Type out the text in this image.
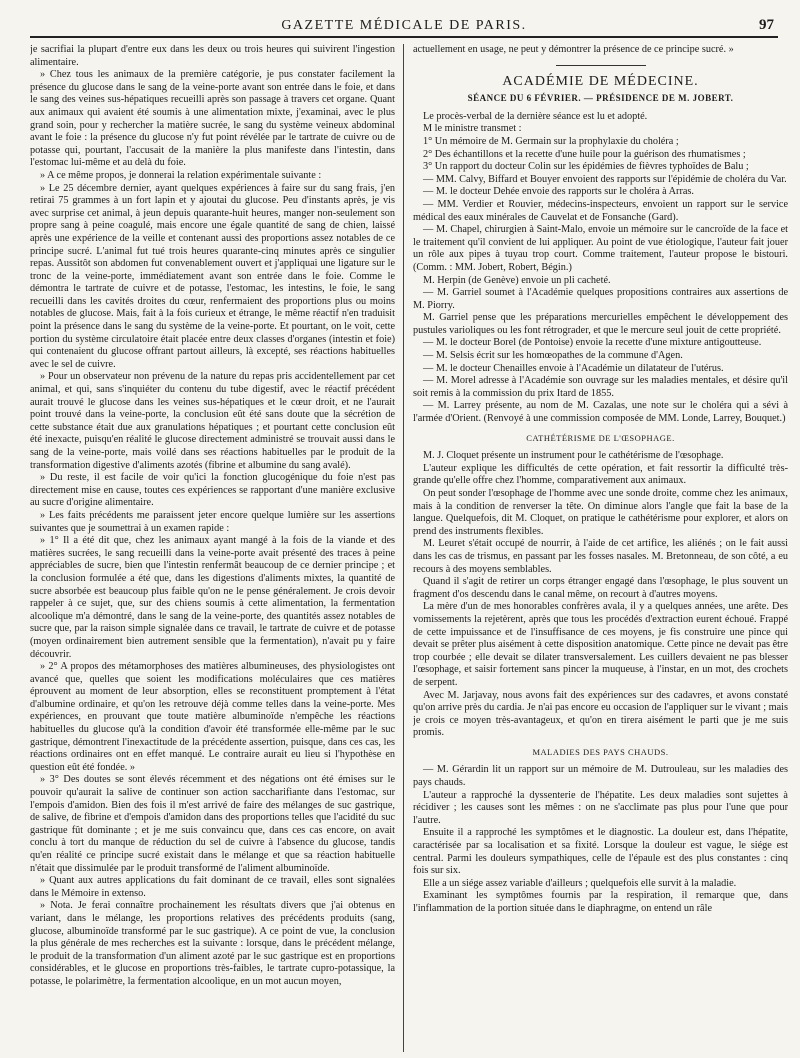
GAZETTE MÉDICALE DE PARIS.	97

je sacrifiai la plupart d'entre eux dans les deux ou trois heures qui suivirent l'ingestion alimentaire.

» Chez tous les animaux de la première catégorie, je pus constater facilement la présence du glucose dans le sang de la veine-porte avant son entrée dans le foie, et dans le sang des veines sus-hépatiques recueilli après son passage à travers cet organe. Quant aux animaux qui avaient été soumis à une alimentation mixte, j'examinai, avec le plus grand soin, pour y rechercher la matière sucrée, le sang du système veineux abdominal avant le foie : la présence du glucose n'y fut point révélée par le tartrate de cuivre ou de potasse qui, pourtant, l'accusait de la manière la plus manifeste dans l'intestin, dans l'estomac lui-même et au delà du foie.

» A ce même propos, je donnerai la relation expérimentale suivante :

» Le 25 décembre dernier, ayant quelques expériences à faire sur du sang frais, j'en retirai 75 grammes à un fort lapin et y ajoutai du glucose. Peu d'instants après, je vis avec surprise cet animal, à jeun depuis quarante-huit heures, manger non-seulement son propre sang à peine coagulé, mais encore une égale quantité de sang de chien, laissé après une expérience de la veille et contenant aussi des proportions assez notables de ce principe sucré. L'animal fut tué trois heures quarante-cinq minutes après ce singulier repas. Aussitôt son abdomen fut convenablement ouvert et j'appliquai une ligature sur le tronc de la veine-porte, immédiatement avant son entrée dans le foie. Comme le démontra le tartrate de cuivre et de potasse, l'estomac, les intestins, le foie, le sang recueilli dans les cavités droites du cœur, renfermaient des proportions plus ou moins notables de glucose. Mais, fait à la fois curieux et étrange, le même réactif n'en traduisit point la présence dans le sang du système de la veine-porte. Et pourtant, on le voit, cette portion du système circulatoire était placée entre deux classes d'organes (intestin et foie) qui contenaient du glucose offrant partout ailleurs, là excepté, ses réactions habituelles avec le sel de cuivre.

» Pour un observateur non prévenu de la nature du repas pris accidentellement par cet animal, et qui, sans s'inquiéter du contenu du tube digestif, avec le réactif précédent aurait trouvé le glucose dans les veines sus-hépatiques et le cœur droit, et ne l'aurait point trouvé dans la veine-porte, la conclusion eût été sans doute que la sécrétion de cette substance était due aux granulations hépatiques ; et pourtant cette conclusion eût été inexacte, puisqu'en réalité le glucose directement administré se trouvait aussi dans le sang de la veine-porte, mais voilé dans ses réactions habituelles par le produit de la transformation digestive d'aliments azotés (fibrine et albumine du sang avalé).

» Du reste, il est facile de voir qu'ici la fonction glucogénique du foie n'est pas directement mise en cause, toutes ces expériences se rapportant d'une manière exclusive au sucre d'origine alimentaire.

» Les faits précédents me paraissent jeter encore quelque lumière sur les assertions suivantes que je soumettrai à un examen rapide :

» 1° Il a été dit que, chez les animaux ayant mangé à la fois de la viande et des matières sucrées, le sang recueilli dans la veine-porte avait présenté des traces à peine appréciables de sucre, bien que l'intestin renfermât beaucoup de ce dernier principe ; et la conclusion formulée a été que, dans les digestions d'aliments mixtes, la quantité de sucre absorbée est beaucoup plus faible qu'on ne le pense généralement. Je crois devoir rappeler à ce sujet, que, sur des chiens soumis à cette alimentation, la fermentation alcoolique m'a démontré, dans le sang de la veine-porte, des quantités assez notables de sucre que, par la raison simple signalée dans ce travail, le tartrate de cuivre et de potasse (moyen ordinairement bien autrement sensible que la fermentation), n'avait pu y faire découvrir.

» 2° A propos des métamorphoses des matières albumineuses, des physiologistes ont avancé que, quelles que soient les modifications moléculaires que ces matières éprouvent au moment de leur absorption, elles se reconstituent promptement à l'état d'albumine ordinaire, et qu'on les retrouve déjà comme telles dans la veine-porte. Mes expériences, en prouvant que toute matière albuminoïde n'empêche les réactions habituelles du glucose qu'à la condition d'avoir été transformée elle-même par le suc gastrique, démontrent l'inexactitude de la précédente assertion, puisque, dans ces cas, les réactions ordinaires ont en effet manqué. Le contraire aurait eu lieu si l'hypothèse en question eût été fondée. »

» 3° Des doutes se sont élevés récemment et des négations ont été émises sur le pouvoir qu'aurait la salive de continuer son action saccharifiante dans l'estomac, sur l'empois d'amidon. Bien des fois il m'est arrivé de faire des mélanges de suc gastrique, de salive, de fibrine et d'empois d'amidon dans des proportions telles que l'acidité du suc gastrique fût dominante ; et je me suis convaincu que, dans ces cas encore, on avait conclu à tort du manque de réduction du sel de cuivre à l'absence du glucose, tandis qu'en réalité ce principe sucré existait dans le mélange et que sa réaction habituelle n'était que dissimulée par le produit transformé de l'aliment albuminoïde.

» Quant aux autres applications du fait dominant de ce travail, elles sont signalées dans le Mémoire in extenso.

» Nota. Je ferai connaître prochainement les résultats divers que j'ai obtenus en variant, dans le mélange, les proportions relatives des précédents produits (sang, glucose, albuminoïde transformé par le suc gastrique). A ce point de vue, la conclusion la plus générale de mes recherches est la suivante : lorsque, dans le précédent mélange, le produit de la transformation d'un aliment azoté par le suc gastrique est en proportions considérables, et le glucose en proportions très-faibles, le tartrate cupro-potassique, la potasse, le polarimètre, la fermentation alcoolique, en un mot aucun moyen,

actuellement en usage, ne peut y démontrer la présence de ce principe sucré. »

ACADÉMIE DE MÉDECINE.
SÉANCE DU 6 FÉVRIER. — PRÉSIDENCE DE M. JOBERT.

Le procès-verbal de la dernière séance est lu et adopté.

M le ministre transmet :

1° Un mémoire de M. Germain sur la prophylaxie du choléra ;

2° Des échantillons et la recette d'une huile pour la guérison des rhumatismes ;

3° Un rapport du docteur Colin sur les épidémies de fièvres typhoïdes de Balu ;

— MM. Calvy, Biffard et Bouyer envoient des rapports sur l'épidémie de choléra du Var.

— M. le docteur Dehée envoie des rapports sur le choléra à Arras.

— MM. Verdier et Rouvier, médecins-inspecteurs, envoient un rapport sur le service médical des eaux minérales de Cauvelat et de Fonsanche (Gard).

— M. Chapel, chirurgien à Saint-Malo, envoie un mémoire sur le cancroïde de la face et le traitement qu'il convient de lui appliquer. Au point de vue étiologique, l'auteur fait jouer un rôle aux pipes à tuyau trop court. Comme traitement, l'auteur propose le bistouri. (Comm. : MM. Jobert, Robert, Bégin.)

M. Herpin (de Genève) envoie un pli cacheté.

— M. Garriel soumet à l'Académie quelques propositions contraires aux assertions de M. Piorry.

M. Garriel pense que les préparations mercurielles empêchent le développement des pustules varioliques ou les font rétrograder, et que le mercure seul jouit de cette propriété.

— M. le docteur Borel (de Pontoise) envoie la recette d'une mixture antigoutteuse.

— M. Selsis écrit sur les homœopathes de la commune d'Agen.

— M. le docteur Chenailles envoie à l'Académie un dilatateur de l'utérus.

— M. Morel adresse à l'Académie son ouvrage sur les maladies mentales, et désire qu'il soit remis à la commission du prix Itard de 1855.

— M. Larrey présente, au nom de M. Cazalas, une note sur le choléra qui a sévi à l'armée d'Orient. (Renvoyé à une commission composée de MM. Londe, Larrey, Bouquet.)

CATHÉTÉRISME DE L'ŒSOPHAGE.

M. J. Cloquet présente un instrument pour le cathétérisme de l'œsophage.

L'auteur explique les difficultés de cette opération, et fait ressortir la difficulté très-grande qu'elle offre chez l'homme, comparativement aux animaux.

On peut sonder l'œsophage de l'homme avec une sonde droite, comme chez les animaux, mais à la condition de renverser la tête. On diminue alors l'angle que fait la base de la langue. Quelquefois, dit M. Cloquet, on pratique le cathétérisme pour explorer, et alors on prend des instruments flexibles.

M. Leuret s'était occupé de nourrir, à l'aide de cet artifice, les aliénés ; on le fait aussi dans les cas de trismus, en passant par les fosses nasales. M. Bretonneau, de son côté, a eu recours à des moyens semblables.

Quand il s'agit de retirer un corps étranger engagé dans l'œsophage, le plus souvent un fragment d'os descendu dans le canal même, on recourt à d'autres moyens.

La mère d'un de mes honorables confrères avala, il y a quelques années, une arête. Des vomissements la rejetèrent, après que tous les procédés d'extraction eurent échoué. Frappé de cette impuissance et de l'insuffisance de ces moyens, je fis construire une pince qui devait se prêter plus aisément à cette disposition anatomique. Cette pince ne devait pas être trop courbée ; elle devait se dilater transversalement. Les cuillers devaient ne pas blesser l'œsophage, et saisir fortement sans pincer la muqueuse, à l'instar, en un mot, des crochets de serpent.

Avec M. Jarjavay, nous avons fait des expériences sur des cadavres, et avons constaté qu'on arrive près du cardia. Je n'ai pas encore eu occasion de l'appliquer sur le vivant ; mais je crois ce moyen très-avantageux, et qu'on en tirera aisément le parti que je me suis promis.

MALADIES DES PAYS CHAUDS.

— M. Gérardin lit un rapport sur un mémoire de M. Dutrouleau, sur les maladies des pays chauds.

L'auteur a rapproché la dyssenterie de l'hépatite. Les deux maladies sont sujettes à récidiver ; les causes sont les mêmes : on ne s'acclimate pas plus pour l'une que pour l'autre.

Ensuite il a rapproché les symptômes et le diagnostic. La douleur est, dans l'hépatite, caractérisée par sa localisation et sa fixité. Lorsque la douleur est vague, le siége est central. Parmi les douleurs sympathiques, celle de l'épaule est des plus constantes : cinq fois sur six.

Elle a un siége assez variable d'ailleurs ; quelquefois elle survit à la maladie.

Examinant les symptômes fournis par la respiration, il remarque que, dans l'inflammation de la portion située dans le diaphragme, on entend un râle
